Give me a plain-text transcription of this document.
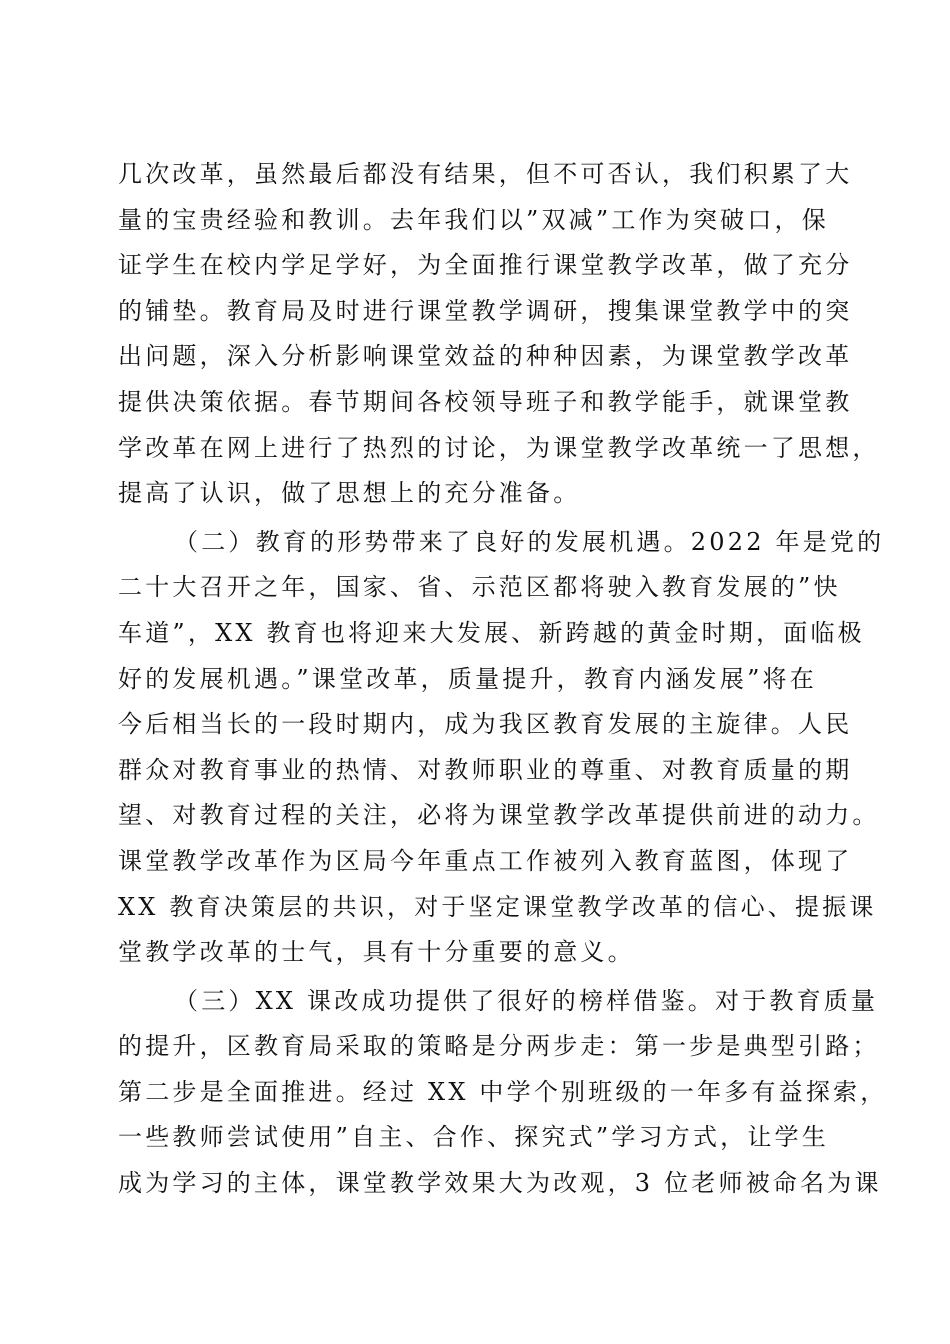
几次改革，虽然最后都没有结果，但不可否认，我们积累了大
量的宝贵经验和教训。去年我们以”双减”工作为突破口，保
证学生在校内学足学好，为全面推行课堂教学改革，做了充分
的铺垫。教育局及时进行课堂教学调研，搜集课堂教学中的突
出问题，深入分析影响课堂效益的种种因素，为课堂教学改革
提供决策依据。春节期间各校领导班子和教学能手，就课堂教
学改革在网上进行了热烈的讨论，为课堂教学改革统一了思想，
提高了认识，做了思想上的充分准备。
（二）教育的形势带来了良好的发展机遇。2022 年是党的
二十大召开之年，国家、省、示范区都将驶入教育发展的”快
车道”，XX 教育也将迎来大发展、新跨越的黄金时期，面临极
好的发展机遇。”课堂改革，质量提升，教育内涵发展”将在
今后相当长的一段时期内，成为我区教育发展的主旋律。人民
群众对教育事业的热情、对教师职业的尊重、对教育质量的期
望、对教育过程的关注，必将为课堂教学改革提供前进的动力。
课堂教学改革作为区局今年重点工作被列入教育蓝图，体现了
XX 教育决策层的共识，对于坚定课堂教学改革的信心、提振课
堂教学改革的士气，具有十分重要的意义。
（三）XX 课改成功提供了很好的榜样借鉴。对于教育质量
的提升，区教育局采取的策略是分两步走：第一步是典型引路；
第二步是全面推进。经过 XX 中学个别班级的一年多有益探索，
一些教师尝试使用”自主、合作、探究式”学习方式，让学生
成为学习的主体，课堂教学效果大为改观，3 位老师被命名为课
